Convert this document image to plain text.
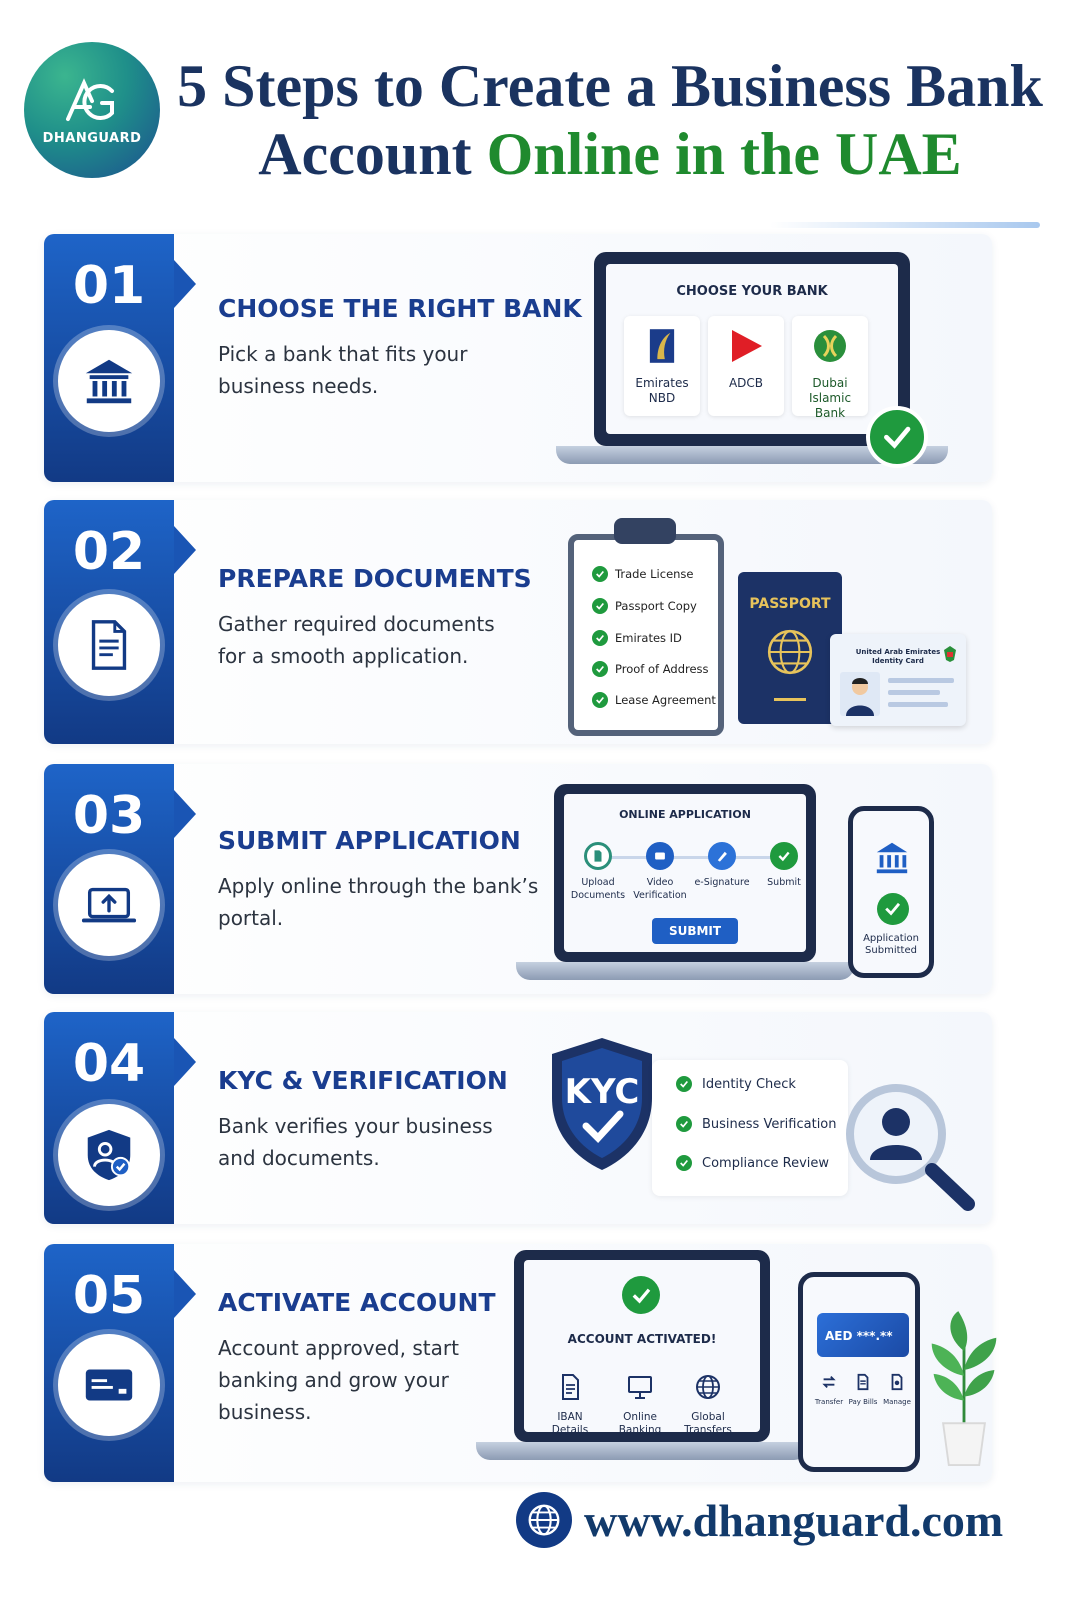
DHANGUARD
5 Steps to Create a Business Bank
Account Online in the UAE
01	CHOOSE THE RIGHT BANK
Pick a bank that fits your
business needs.
CHOOSE YOUR BANK
Emirates
NBD
ADCB	Dubai
Islamic Bank
02	PREPARE DOCUMENTS
Gather required documents
for a smooth application.
Trade License
Passport Copy
Emirates ID
Proof of Address
Lease Agreement
PASSPORT
United Arab Emirates
Identity Card
03	SUBMIT APPLICATION
Apply online through the bank’s
portal.
ONLINE APPLICATION
Upload
Documents
Video
Verification
e-Signature	Submit
SUBMIT
Application
Submitted
04	KYC & VERIFICATION
Bank verifies your business
and documents.
KYC	Identity Check
Business Verification
Compliance Review
05	ACTIVATE ACCOUNT
Account approved, start
banking and grow your
business.
ACCOUNT ACTIVATED!
IBAN
Details
Online
Banking
Global
Transfers
AED ***.**
Transfer Pay Bills Manage
www.dhanguard.com
